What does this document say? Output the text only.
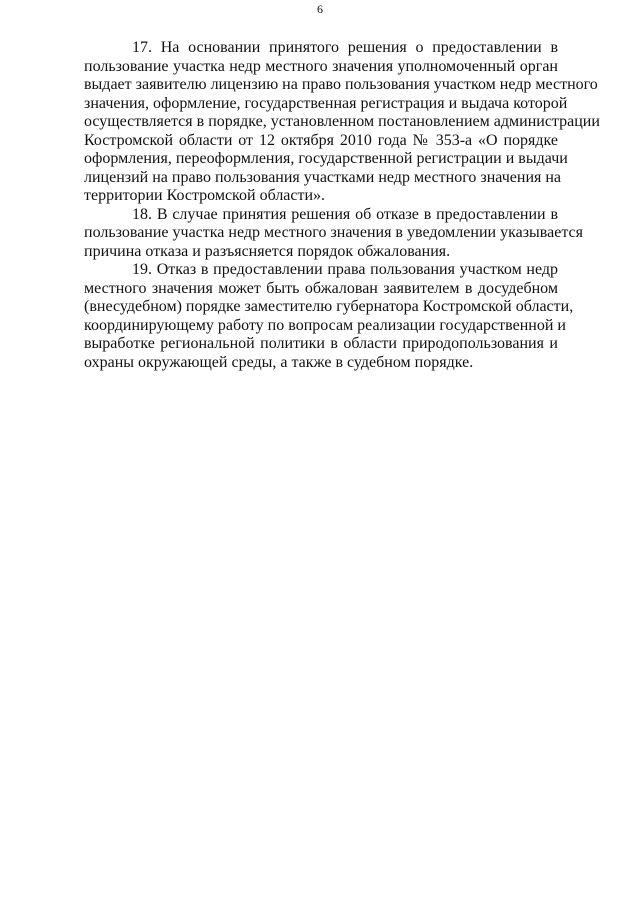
6
17. На основании принятого решения о предоставлении в
пользование участка недр местного значения уполномоченный орган
выдает заявителю лицензию на право пользования участком недр местного
значения, оформление, государственная регистрация и выдача которой
осуществляется в порядке, установленном постановлением администрации
Костромской области от 12 октября 2010 года № 353-а «О порядке
оформления, переоформления, государственной регистрации и выдачи
лицензий на право пользования участками недр местного значения на
территории Костромской области».
18. В случае принятия решения об отказе в предоставлении в
пользование участка недр местного значения в уведомлении указывается
причина отказа и разъясняется порядок обжалования.
19. Отказ в предоставлении права пользования участком недр
местного значения может быть обжалован заявителем в досудебном
(внесудебном) порядке заместителю губернатора Костромской области,
координирующему работу по вопросам реализации государственной и
выработке региональной политики в области природопользования и
охраны окружающей среды, а также в судебном порядке.
